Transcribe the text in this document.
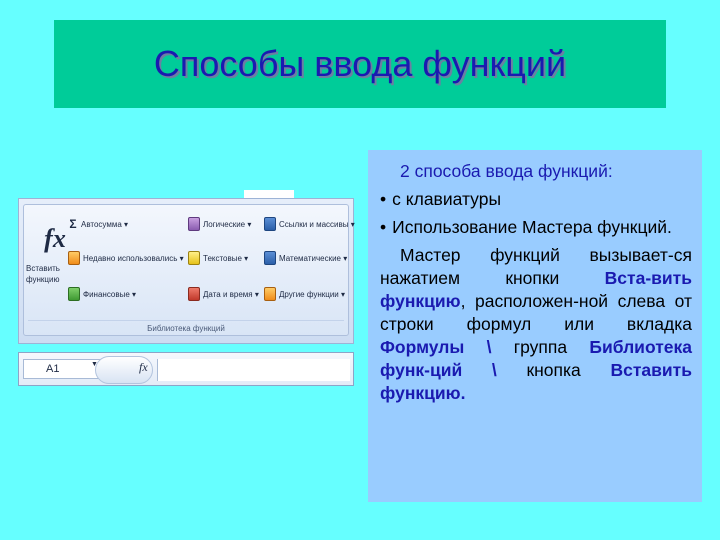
Способы ввода функций
fx
Вставить
функцию
Σ Автосумма ▾
Недавно использовались ▾
Финансовые ▾
Логические ▾
Текстовые ▾
Дата и время ▾
Ссылки и массивы ▾
Математические ▾
Другие функции ▾
Библиотека функций
A1	▼	fx

2 способа ввода функций:

• с клавиатуры

• Использование Мастера функций.

Мастер функций вызывает-ся нажатием кнопки Вста-вить функцию, расположен-ной слева от строки формул или вкладка Формулы \ группа Библиотека функ-ций \ кнопка Вставить функцию.
